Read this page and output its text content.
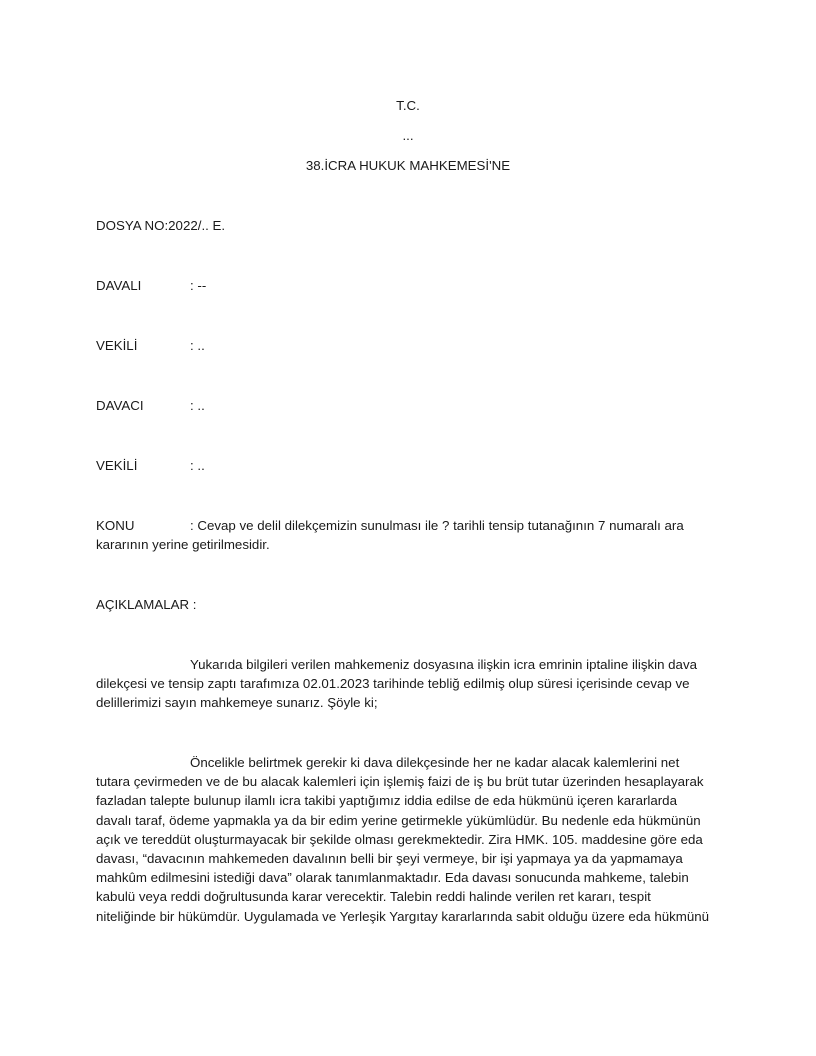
T.C.
...
38.İCRA HUKUK MAHKEMESİ'NE
DOSYA NO:2022/.. E.
DAVALI	: --
VEKİLİ	: ..
DAVACI	: ..
VEKİLİ	: ..
KONU	: Cevap ve delil dilekçemizin sunulması ile ? tarihli tensip tutanağının 7 numaralı ara
kararının yerine getirilmesidir.
AÇIKLAMALAR :
Yukarıda bilgileri verilen mahkemeniz dosyasına ilişkin icra emrinin iptaline ilişkin dava
dilekçesi ve tensip zaptı tarafımıza 02.01.2023 tarihinde tebliğ edilmiş olup süresi içerisinde cevap ve
delillerimizi sayın mahkemeye sunarız. Şöyle ki;
Öncelikle belirtmek gerekir ki dava dilekçesinde her ne kadar alacak kalemlerini net
tutara çevirmeden ve de bu alacak kalemleri için işlemiş faizi de iş bu brüt tutar üzerinden hesaplayarak
fazladan talepte bulunup ilamlı icra takibi yaptığımız iddia edilse de eda hükmünü içeren kararlarda
davalı taraf, ödeme yapmakla ya da bir edim yerine getirmekle yükümlüdür. Bu nedenle eda hükmünün
açık ve tereddüt oluşturmayacak bir şekilde olması gerekmektedir. Zira HMK. 105. maddesine göre eda
davası, “davacının mahkemeden davalının belli bir şeyi vermeye, bir işi yapmaya ya da yapmamaya
mahkûm edilmesini istediği dava” olarak tanımlanmaktadır. Eda davası sonucunda mahkeme, talebin
kabulü veya reddi doğrultusunda karar verecektir. Talebin reddi halinde verilen ret kararı, tespit
niteliğinde bir hükümdür. Uygulamada ve Yerleşik Yargıtay kararlarında sabit olduğu üzere eda hükmünü
